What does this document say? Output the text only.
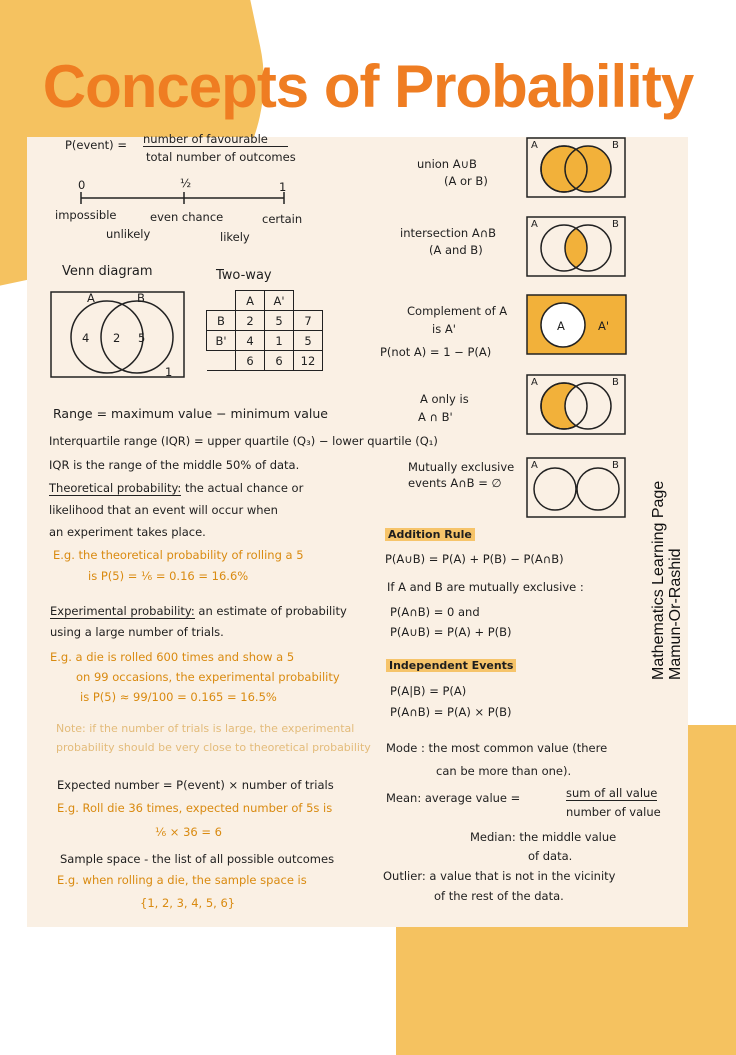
Concepts of Probability
P(event) = number of favourable
total number of outcomes
0	½	1
impossible	even chance	certain
unlikely	likely
Venn diagram
A	B
4 2 5
1
Two-way
	A	A'	
B	2	5	7
B'	4	1	5
	6	6	12
Range = maximum value − minimum value
Interquartile range (IQR) = upper quartile (Q₃) − lower quartile (Q₁)
IQR is the range of the middle 50% of data.
Theoretical probability: the actual chance or
likelihood that an event will occur when
an experiment takes place.
E.g. the theoretical probability of rolling a 5
is P(5) = ⅙ = 0.16 = 16.6%
Experimental probability: an estimate of probability
using a large number of trials.
E.g. a die is rolled 600 times and show a 5
on 99 occasions, the experimental probability
is P(5) ≈ 99/100 = 0.165 = 16.5%
Note: if the number of trials is large, the experimental
probability should be very close to theoretical probability
Expected number = P(event) × number of trials
E.g. Roll die 36 times, expected number of 5s is
⅙ × 36 = 6
Sample space - the list of all possible outcomes
E.g. when rolling a die, the sample space is
{1, 2, 3, 4, 5, 6}
union A∪B
(A or B)
A	B
intersection A∩B
(A and B)
A	B
Complement of A
is A'
P(not A) = 1 − P(A)
A	A'
A only is
A ∩ B'
A	B
Mutually exclusive
events A∩B = ∅
A	B
Addition Rule
P(A∪B) = P(A) + P(B) − P(A∩B)
If A and B are mutually exclusive :
P(A∩B) = 0 and
P(A∪B) = P(A) + P(B)
Independent Events
P(A|B) = P(A)
P(A∩B) = P(A) × P(B)
Mode : the most common value (there
can be more than one).
Mean: average value =	sum of all value
number of value
Median: the middle value
of data.
Outlier: a value that is not in the vicinity
of the rest of the data.
Mathematics Learning Page Mamun-Or-Rashid
